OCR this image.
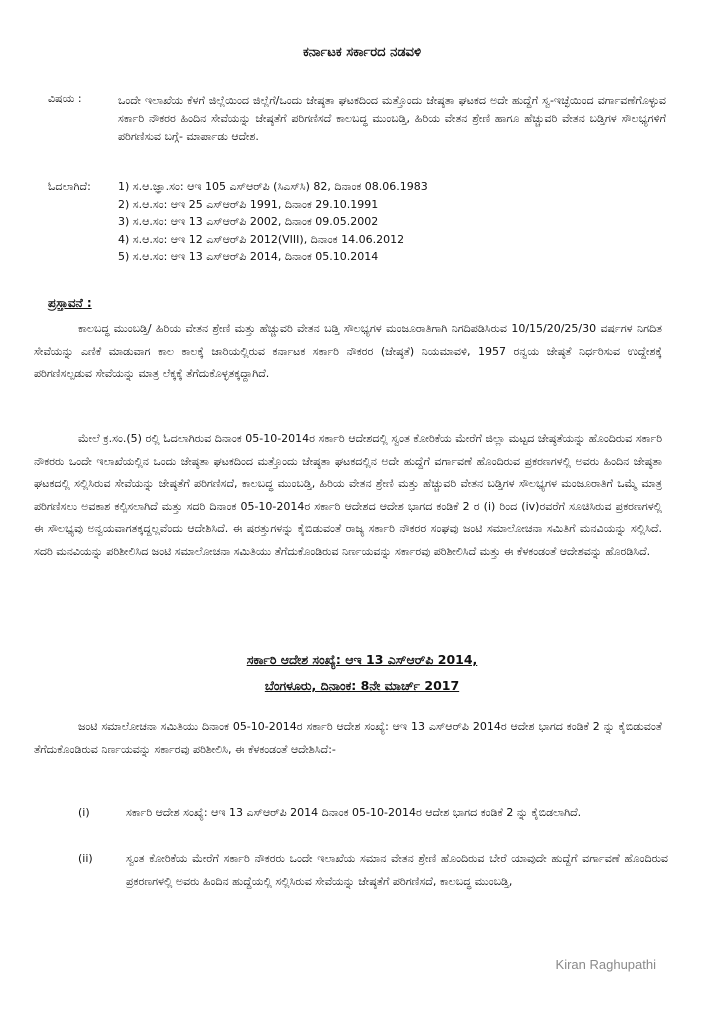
ಕರ್ನಾಟಕ ಸರ್ಕಾರದ ನಡವಳಿ
ವಿಷಯ :	ಒಂದೇ ಇಲಾಖೆಯ ಕೆಳಗೆ ಜಿಲ್ಲೆಯಿಂದ ಜಿಲ್ಲೆಗೆ/ಒಂದು ಜೇಷ್ಠತಾ ಘಟಕದಿಂದ ಮತ್ತೊಂದು ಜೇಷ್ಠತಾ ಘಟಕದ ಅದೇ ಹುದ್ದೆಗೆ ಸ್ವ-ಇಚ್ಛೆಯಿಂದ ವರ್ಗಾವಣೆಗೊಳ್ಳುವ ಸರ್ಕಾರಿ ನೌಕರರ ಹಿಂದಿನ ಸೇವೆಯನ್ನು ಜೇಷ್ಠತೆಗೆ ಪರಿಗಣಿಸದೆ ಕಾಲಬದ್ಧ ಮುಂಬಡ್ತಿ, ಹಿರಿಯ ವೇತನ ಶ್ರೇಣಿ ಹಾಗೂ ಹೆಚ್ಚುವರಿ ವೇತನ ಬಡ್ತಿಗಳ ಸೌಲಭ್ಯಗಳಿಗೆ ಪರಿಗಣಿಸುವ ಬಗ್ಗೆ- ಮಾರ್ಪಾಡು ಆದೇಶ.
ಓದಲಾಗಿದೆ: 1) ಸ.ಆ.ಜ್ಞಾ.ಸಂ: ಆಇ 105 ಎಸ್‌ಆರ್‌ಪಿ (ಸಿಎಸ್‌ಸಿ) 82, ದಿನಾಂಕ 08.06.1983
2) ಸ.ಆ.ಸಂ: ಆಇ 25 ಎಸ್‌ಆರ್‌ಪಿ 1991, ದಿನಾಂಕ 29.10.1991
3) ಸ.ಆ.ಸಂ: ಆಇ 13 ಎಸ್‌ಆರ್‌ಪಿ 2002, ದಿನಾಂಕ 09.05.2002
4) ಸ.ಆ.ಸಂ: ಆಇ 12 ಎಸ್‌ಆರ್‌ಪಿ 2012(VIII), ದಿನಾಂಕ 14.06.2012
5) ಸ.ಆ.ಸಂ: ಆಇ 13 ಎಸ್‌ಆರ್‌ಪಿ 2014, ದಿನಾಂಕ 05.10.2014
ಪ್ರಸ್ತಾವನೆ :

ಕಾಲಬದ್ಧ ಮುಂಬಡ್ತಿ/ ಹಿರಿಯ ವೇತನ ಶ್ರೇಣಿ ಮತ್ತು ಹೆಚ್ಚುವರಿ ವೇತನ ಬಡ್ತಿ ಸೌಲಭ್ಯಗಳ ಮಂಜೂರಾತಿಗಾಗಿ ನಿಗದಿಪಡಿಸಿರುವ 10/15/20/25/30 ವರ್ಷಗಳ ನಿಗದಿತ ಸೇವೆಯನ್ನು ಎಣಿಕೆ ಮಾಡುವಾಗ ಕಾಲ ಕಾಲಕ್ಕೆ ಜಾರಿಯಲ್ಲಿರುವ ಕರ್ನಾಟಕ ಸರ್ಕಾರಿ ನೌಕರರ (ಜೇಷ್ಠತೆ) ನಿಯಮಾವಳಿ, 1957 ರನ್ವಯ ಜೇಷ್ಠತೆ ನಿರ್ಧರಿಸುವ ಉದ್ದೇಶಕ್ಕೆ ಪರಿಗಣಿಸಲ್ಪಡುವ ಸೇವೆಯನ್ನು ಮಾತ್ರ ಲೆಕ್ಕಕ್ಕೆ ತೆಗೆದುಕೊಳ್ಳತಕ್ಕದ್ದಾಗಿದೆ.

ಮೇಲೆ ಕ್ರ.ಸಂ.(5) ರಲ್ಲಿ ಓದಲಾಗಿರುವ ದಿನಾಂಕ 05-10-2014ರ ಸರ್ಕಾರಿ ಆದೇಶದಲ್ಲಿ ಸ್ವಂತ ಕೋರಿಕೆಯ ಮೇರೆಗೆ ಜಿಲ್ಲಾ ಮಟ್ಟದ ಜೇಷ್ಠತೆಯನ್ನು ಹೊಂದಿರುವ ಸರ್ಕಾರಿ ನೌಕರರು ಒಂದೇ ಇಲಾಖೆಯಲ್ಲಿನ ಒಂದು ಜೇಷ್ಠತಾ ಘಟಕದಿಂದ ಮತ್ತೊಂದು ಜೇಷ್ಠತಾ ಘಟಕದಲ್ಲಿನ ಅದೇ ಹುದ್ದೆಗೆ ವರ್ಗಾವಣೆ ಹೊಂದಿರುವ ಪ್ರಕರಣಗಳಲ್ಲಿ ಅವರು ಹಿಂದಿನ ಜೇಷ್ಠತಾ ಘಟಕದಲ್ಲಿ ಸಲ್ಲಿಸಿರುವ ಸೇವೆಯನ್ನು ಜೇಷ್ಠತೆಗೆ ಪರಿಗಣಿಸದೆ, ಕಾಲಬದ್ಧ ಮುಂಬಡ್ತಿ, ಹಿರಿಯ ವೇತನ ಶ್ರೇಣಿ ಮತ್ತು ಹೆಚ್ಚುವರಿ ವೇತನ ಬಡ್ತಿಗಳ ಸೌಲಭ್ಯಗಳ ಮಂಜೂರಾತಿಗೆ ಒಮ್ಮೆ ಮಾತ್ರ ಪರಿಗಣಿಸಲು ಅವಕಾಶ ಕಲ್ಪಿಸಲಾಗಿದೆ ಮತ್ತು ಸದರಿ ದಿನಾಂಕ 05-10-2014ರ ಸರ್ಕಾರಿ ಆದೇಶದ ಆದೇಶ ಭಾಗದ ಕಂಡಿಕೆ 2 ರ (i) ರಿಂದ (iv)ರವರೆಗೆ ಸೂಚಿಸಿರುವ ಪ್ರಕರಣಗಳಲ್ಲಿ ಈ ಸೌಲಭ್ಯವು ಅನ್ವಯವಾಗತಕ್ಕದ್ದಲ್ಲವೆಂದು ಆದೇಶಿಸಿದೆ. ಈ ಷರತ್ತುಗಳನ್ನು ಕೈಬಿಡುವಂತೆ ರಾಜ್ಯ ಸರ್ಕಾರಿ ನೌಕರರ ಸಂಘವು ಜಂಟಿ ಸಮಾಲೋಚನಾ ಸಮಿತಿಗೆ ಮನವಿಯನ್ನು ಸಲ್ಲಿಸಿದೆ. ಸದರಿ ಮನವಿಯನ್ನು ಪರಿಶೀಲಿಸಿದ ಜಂಟಿ ಸಮಾಲೋಚನಾ ಸಮಿತಿಯು ತೆಗೆದುಕೊಂಡಿರುವ ನಿರ್ಣಯವನ್ನು ಸರ್ಕಾರವು ಪರಿಶೀಲಿಸಿದೆ ಮತ್ತು ಈ ಕೆಳಕಂಡಂತೆ ಆದೇಶವನ್ನು ಹೊರಡಿಸಿದೆ.

ಸರ್ಕಾರಿ ಆದೇಶ ಸಂಖ್ಯೆ: ಆಇ 13 ಎಸ್‌ಆರ್‌ಪಿ 2014,
ಬೆಂಗಳೂರು, ದಿನಾಂಕ: 8ನೇ ಮಾರ್ಚ್ 2017

ಜಂಟಿ ಸಮಾಲೋಚನಾ ಸಮಿತಿಯು ದಿನಾಂಕ 05-10-2014ರ ಸರ್ಕಾರಿ ಆದೇಶ ಸಂಖ್ಯೆ: ಆಇ 13 ಎಸ್‌ಆರ್‌ಪಿ 2014ರ ಆದೇಶ ಭಾಗದ ಕಂಡಿಕೆ 2 ನ್ನು ಕೈಬಿಡುವಂತೆ ತೆಗೆದುಕೊಂಡಿರುವ ನಿರ್ಣಯವನ್ನು ಸರ್ಕಾರವು ಪರಿಶೀಲಿಸಿ, ಈ ಕೆಳಕಂಡಂತೆ ಆದೇಶಿಸಿದೆ:-

(i)	ಸರ್ಕಾರಿ ಆದೇಶ ಸಂಖ್ಯೆ: ಆಇ 13 ಎಸ್‌ಆರ್‌ಪಿ 2014 ದಿನಾಂಕ 05-10-2014ರ ಆದೇಶ ಭಾಗದ ಕಂಡಿಕೆ 2 ನ್ನು ಕೈಬಿಡಲಾಗಿದೆ.
(ii)	ಸ್ವಂತ ಕೋರಿಕೆಯ ಮೇರೆಗೆ ಸರ್ಕಾರಿ ನೌಕರರು ಒಂದೇ ಇಲಾಖೆಯ ಸಮಾನ ವೇತನ ಶ್ರೇಣಿ ಹೊಂದಿರುವ ಬೇರೆ ಯಾವುದೇ ಹುದ್ದೆಗೆ ವರ್ಗಾವಣೆ ಹೊಂದಿರುವ ಪ್ರಕರಣಗಳಲ್ಲಿ ಅವರು ಹಿಂದಿನ ಹುದ್ದೆಯಲ್ಲಿ ಸಲ್ಲಿಸಿರುವ ಸೇವೆಯನ್ನು ಜೇಷ್ಠತೆಗೆ ಪರಿಗಣಿಸದೆ, ಕಾಲಬದ್ಧ ಮುಂಬಡ್ತಿ,
Kiran Raghupathi
